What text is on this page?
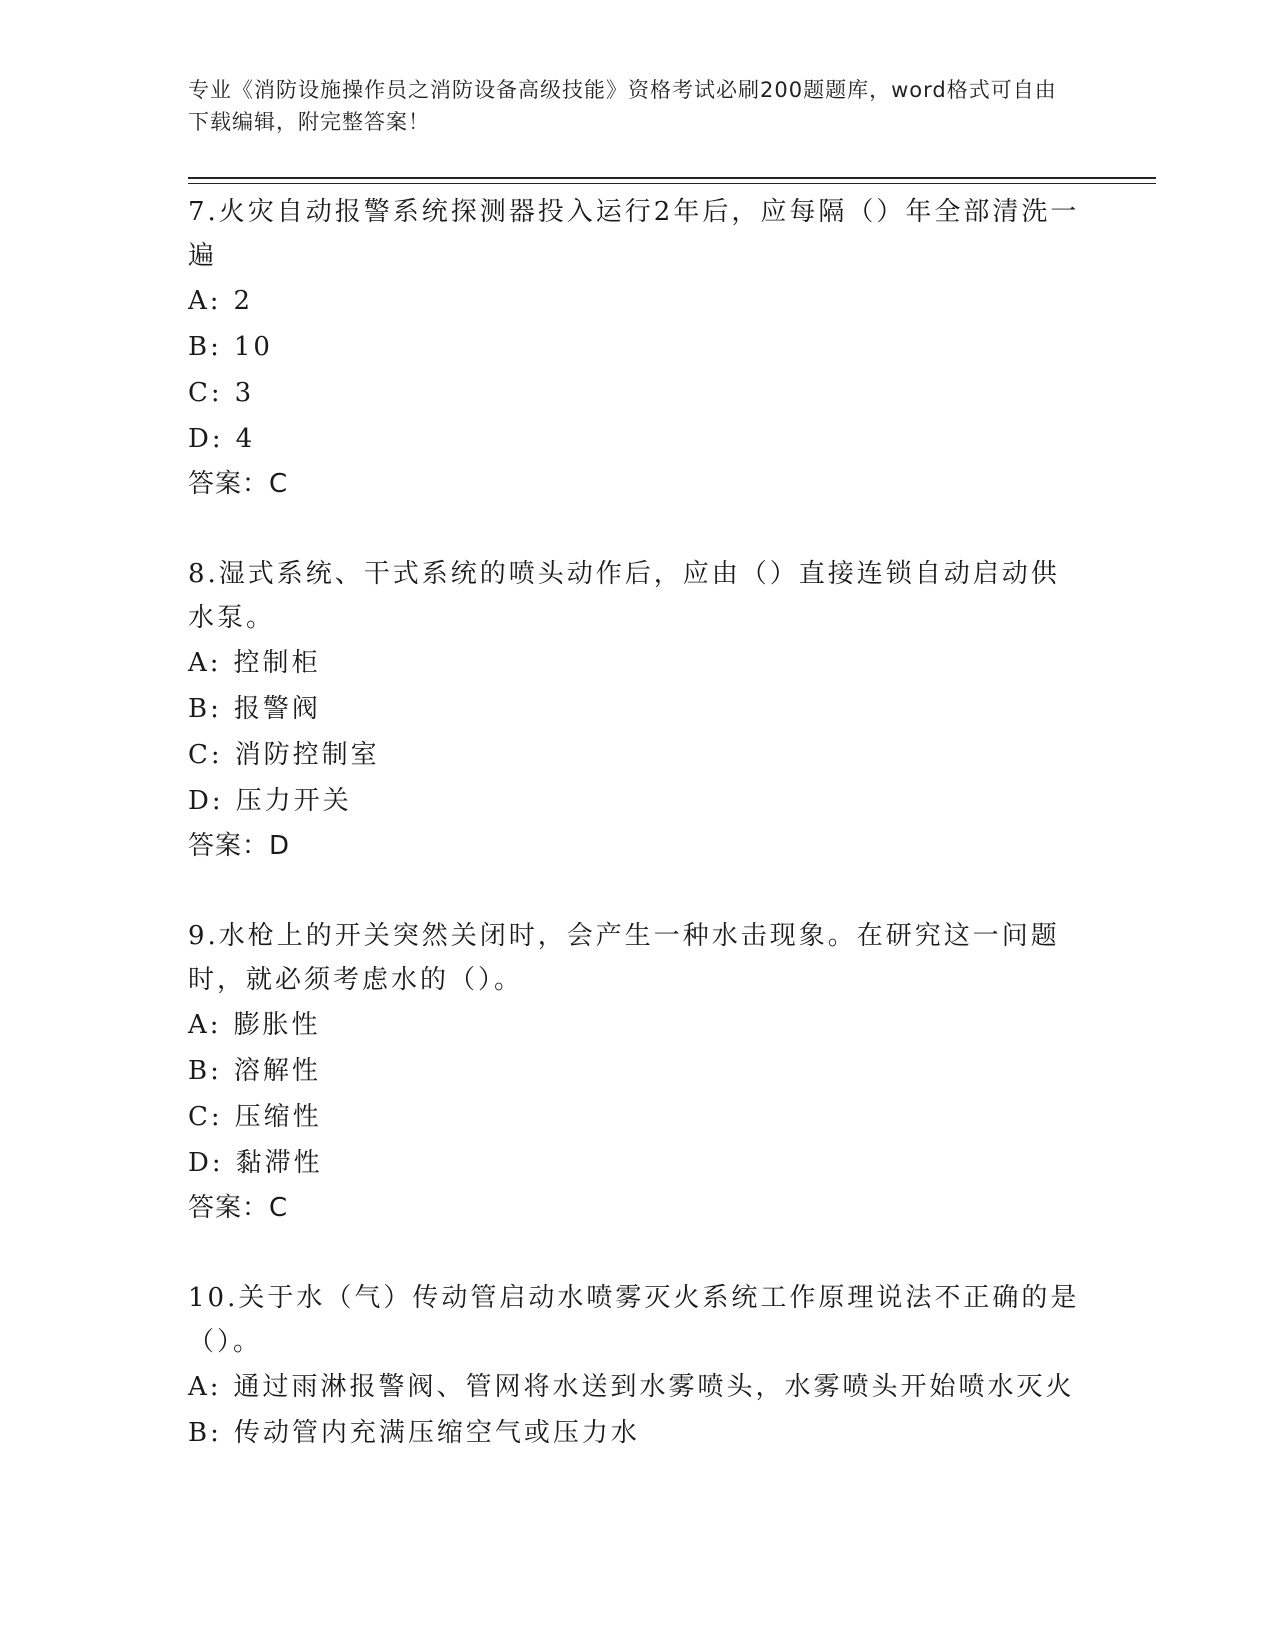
专业《消防设施操作员之消防设备高级技能》资格考试必刷200题题库，word格式可自由下载编辑，附完整答案！
7.火灾自动报警系统探测器投入运行2年后，应每隔（）年全部清洗一遍
A: 2
B: 10
C: 3
D: 4
答案：C
8.湿式系统、干式系统的喷头动作后，应由（）直接连锁自动启动供水泵。
A: 控制柜
B: 报警阀
C: 消防控制室
D: 压力开关
答案：D
9.水枪上的开关突然关闭时，会产生一种水击现象。在研究这一问题时，就必须考虑水的（）。
A: 膨胀性
B: 溶解性
C: 压缩性
D: 黏滞性
答案：C
10.关于水（气）传动管启动水喷雾灭火系统工作原理说法不正确的是（）。
A: 通过雨淋报警阀、管网将水送到水雾喷头，水雾喷头开始喷水灭火
B: 传动管内充满压缩空气或压力水
